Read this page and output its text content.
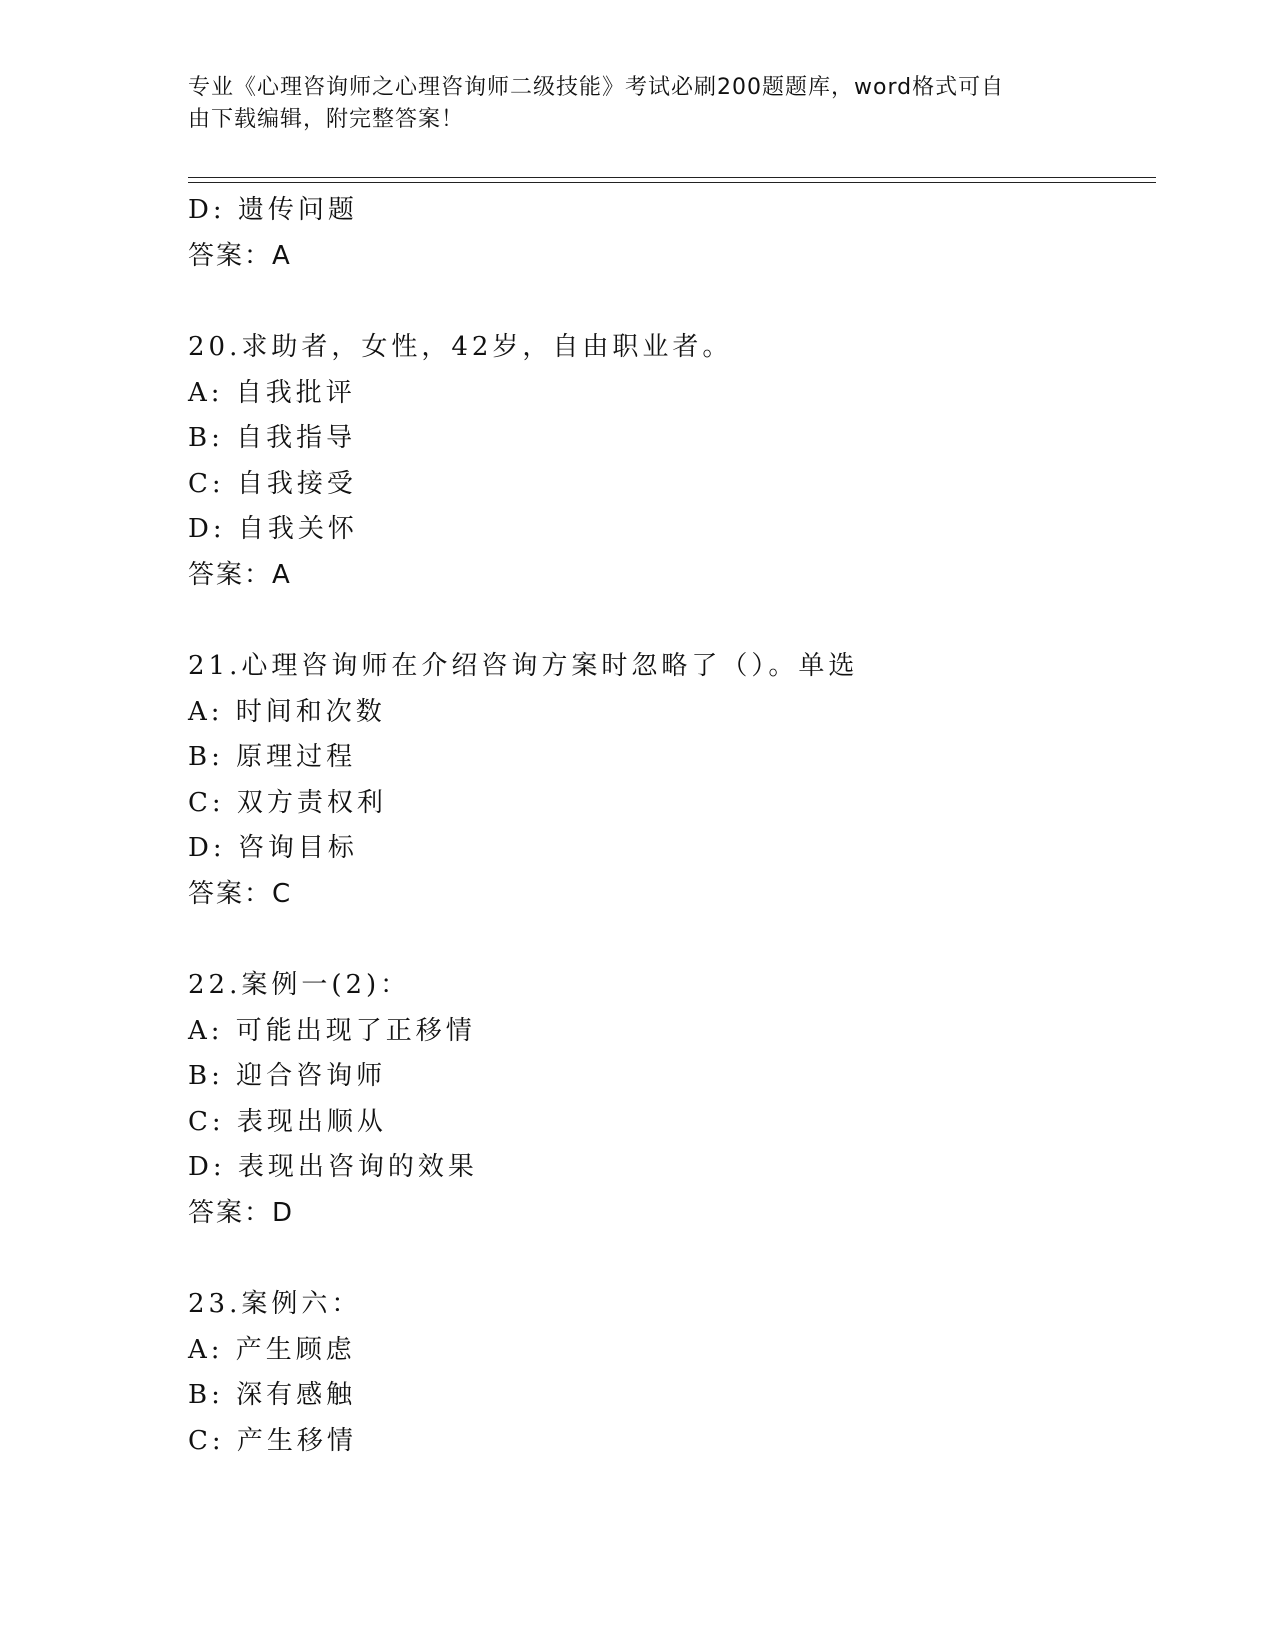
专业《心理咨询师之心理咨询师二级技能》考试必刷200题题库，word格式可自
由下载编辑，附完整答案！
D: 遗传问题
答案：A
20.求助者，女性，42岁，自由职业者。
A: 自我批评
B: 自我指导
C: 自我接受
D: 自我关怀
答案：A
21.心理咨询师在介绍咨询方案时忽略了（）。单选
A: 时间和次数
B: 原理过程
C: 双方责权利
D: 咨询目标
答案：C
22.案例一(2)：
A: 可能出现了正移情
B: 迎合咨询师
C: 表现出顺从
D: 表现出咨询的效果
答案：D
23.案例六：
A: 产生顾虑
B: 深有感触
C: 产生移情
